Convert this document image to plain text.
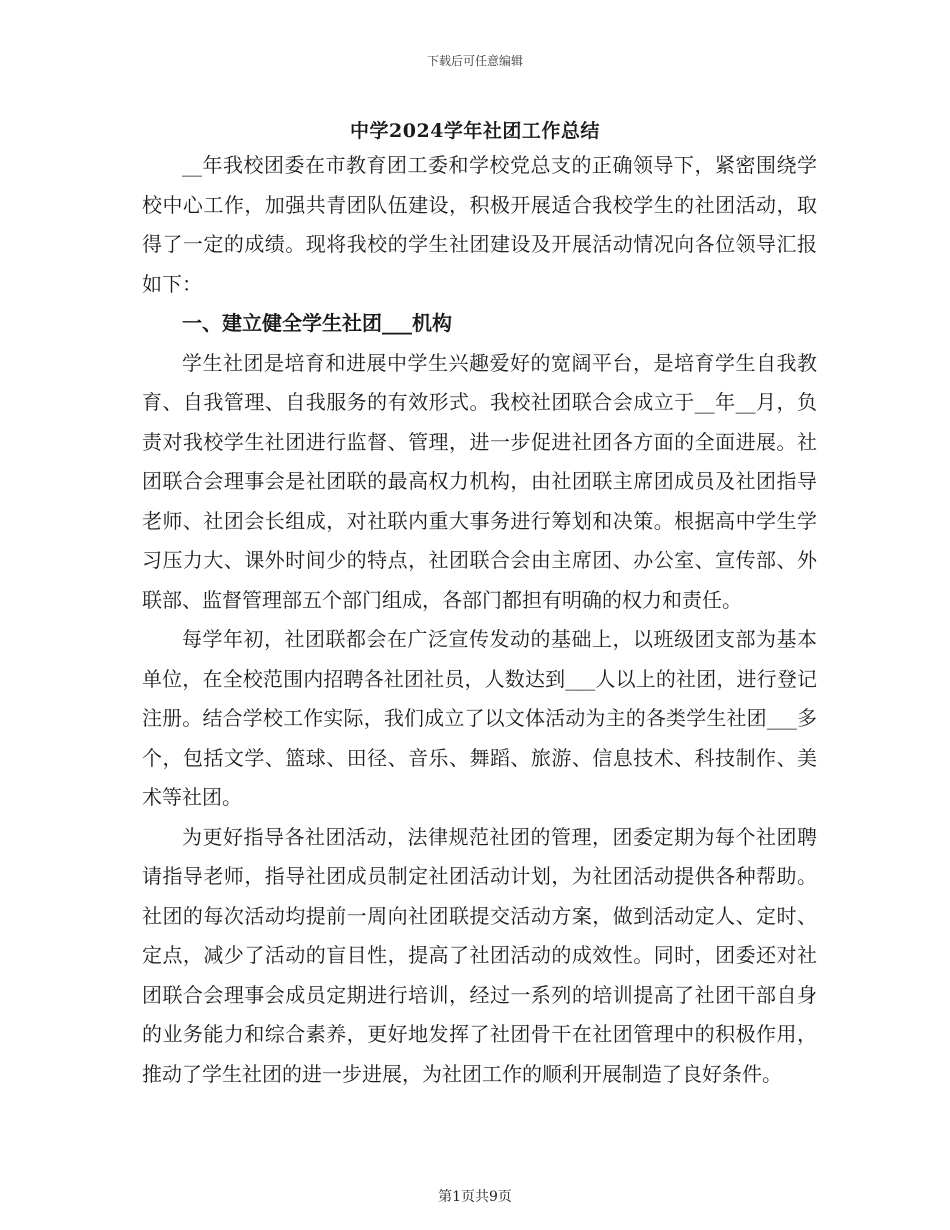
下载后可任意编辑
中学2024学年社团工作总结

__年我校团委在市教育团工委和学校党总支的正确领导下，紧密围绕学校中心工作，加强共青团队伍建设，积极开展适合我校学生的社团活动，取得了一定的成绩。现将我校的学生社团建设及开展活动情况向各位领导汇报如下：

一、建立健全学生社团___机构

学生社团是培育和进展中学生兴趣爱好的宽阔平台，是培育学生自我教育、自我管理、自我服务的有效形式。我校社团联合会成立于__年__月，负责对我校学生社团进行监督、管理，进一步促进社团各方面的全面进展。社团联合会理事会是社团联的最高权力机构，由社团联主席团成员及社团指导老师、社团会长组成，对社联内重大事务进行筹划和决策。根据高中学生学习压力大、课外时间少的特点，社团联合会由主席团、办公室、宣传部、外联部、监督管理部五个部门组成，各部门都担有明确的权力和责任。

每学年初，社团联都会在广泛宣传发动的基础上，以班级团支部为基本单位，在全校范围内招聘各社团社员，人数达到___人以上的社团，进行登记注册。结合学校工作实际，我们成立了以文体活动为主的各类学生社团___多个，包括文学、篮球、田径、音乐、舞蹈、旅游、信息技术、科技制作、美术等社团。

为更好指导各社团活动，法律规范社团的管理，团委定期为每个社团聘请指导老师，指导社团成员制定社团活动计划，为社团活动提供各种帮助。社团的每次活动均提前一周向社团联提交活动方案，做到活动定人、定时、定点，减少了活动的盲目性，提高了社团活动的成效性。同时，团委还对社团联合会理事会成员定期进行培训，经过一系列的培训提高了社团干部自身的业务能力和综合素养，更好地发挥了社团骨干在社团管理中的积极作用，推动了学生社团的进一步进展，为社团工作的顺利开展制造了良好条件。

第1页共9页
